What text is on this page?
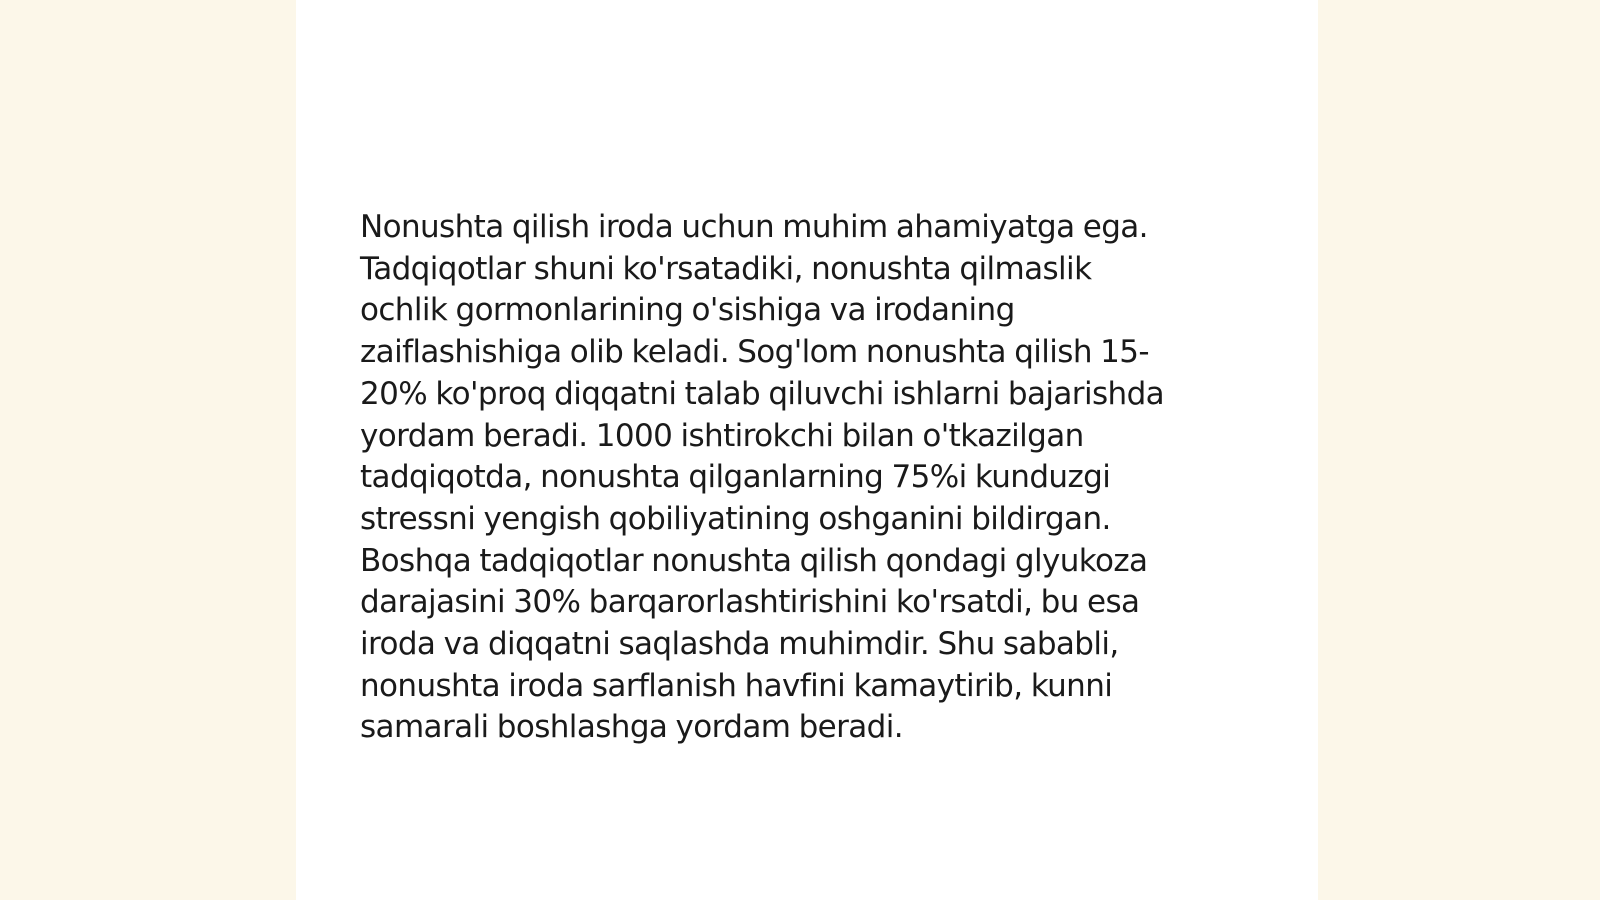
Nonushta qilish iroda uchun muhim ahamiyatga ega.
Tadqiqotlar shuni ko'rsatadiki, nonushta qilmaslik
ochlik gormonlarining o'sishiga va irodaning
zaiflashishiga olib keladi. Sog'lom nonushta qilish 15-
20% ko'proq diqqatni talab qiluvchi ishlarni bajarishda
yordam beradi. 1000 ishtirokchi bilan o'tkazilgan
tadqiqotda, nonushta qilganlarning 75%i kunduzgi
stressni yengish qobiliyatining oshganini bildirgan.
Boshqa tadqiqotlar nonushta qilish qondagi glyukoza
darajasini 30% barqarorlashtirishini ko'rsatdi, bu esa
iroda va diqqatni saqlashda muhimdir. Shu sababli,
nonushta iroda sarflanish havfini kamaytirib, kunni
samarali boshlashga yordam beradi.
